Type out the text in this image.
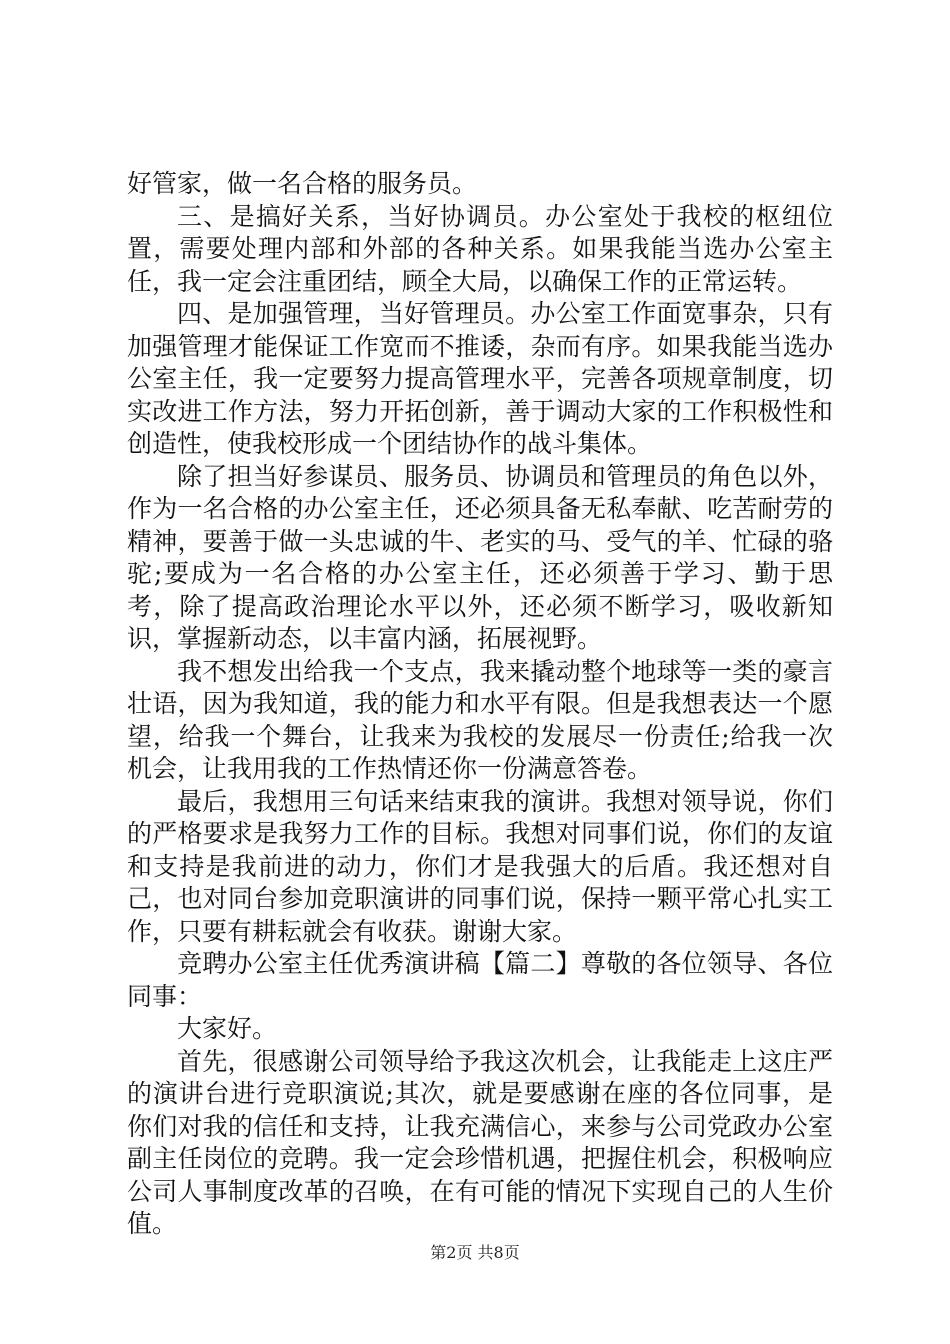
好管家，做一名合格的服务员。

三、是搞好关系，当好协调员。办公室处于我校的枢纽位置，需要处理内部和外部的各种关系。如果我能当选办公室主任，我一定会注重团结，顾全大局，以确保工作的正常运转。

四、是加强管理，当好管理员。办公室工作面宽事杂，只有加强管理才能保证工作宽而不推诿，杂而有序。如果我能当选办公室主任，我一定要努力提高管理水平，完善各项规章制度，切实改进工作方法，努力开拓创新，善于调动大家的工作积极性和创造性，使我校形成一个团结协作的战斗集体。

除了担当好参谋员、服务员、协调员和管理员的角色以外，作为一名合格的办公室主任，还必须具备无私奉献、吃苦耐劳的精神，要善于做一头忠诚的牛、老实的马、受气的羊、忙碌的骆驼;要成为一名合格的办公室主任，还必须善于学习、勤于思考，除了提高政治理论水平以外，还必须不断学习，吸收新知识，掌握新动态，以丰富内涵，拓展视野。

我不想发出给我一个支点，我来撬动整个地球等一类的豪言壮语，因为我知道，我的能力和水平有限。但是我想表达一个愿望，给我一个舞台，让我来为我校的发展尽一份责任;给我一次机会，让我用我的工作热情还你一份满意答卷。

最后，我想用三句话来结束我的演讲。我想对领导说，你们的严格要求是我努力工作的目标。我想对同事们说，你们的友谊和支持是我前进的动力，你们才是我强大的后盾。我还想对自己，也对同台参加竞职演讲的同事们说，保持一颗平常心扎实工作，只要有耕耘就会有收获。谢谢大家。

竞聘办公室主任优秀演讲稿【篇二】尊敬的各位领导、各位同事：

大家好。

首先，很感谢公司领导给予我这次机会，让我能走上这庄严的演讲台进行竞职演说;其次，就是要感谢在座的各位同事，是你们对我的信任和支持，让我充满信心，来参与公司党政办公室副主任岗位的竞聘。我一定会珍惜机遇，把握住机会，积极响应公司人事制度改革的召唤，在有可能的情况下实现自己的人生价值。

第2页 共8页
